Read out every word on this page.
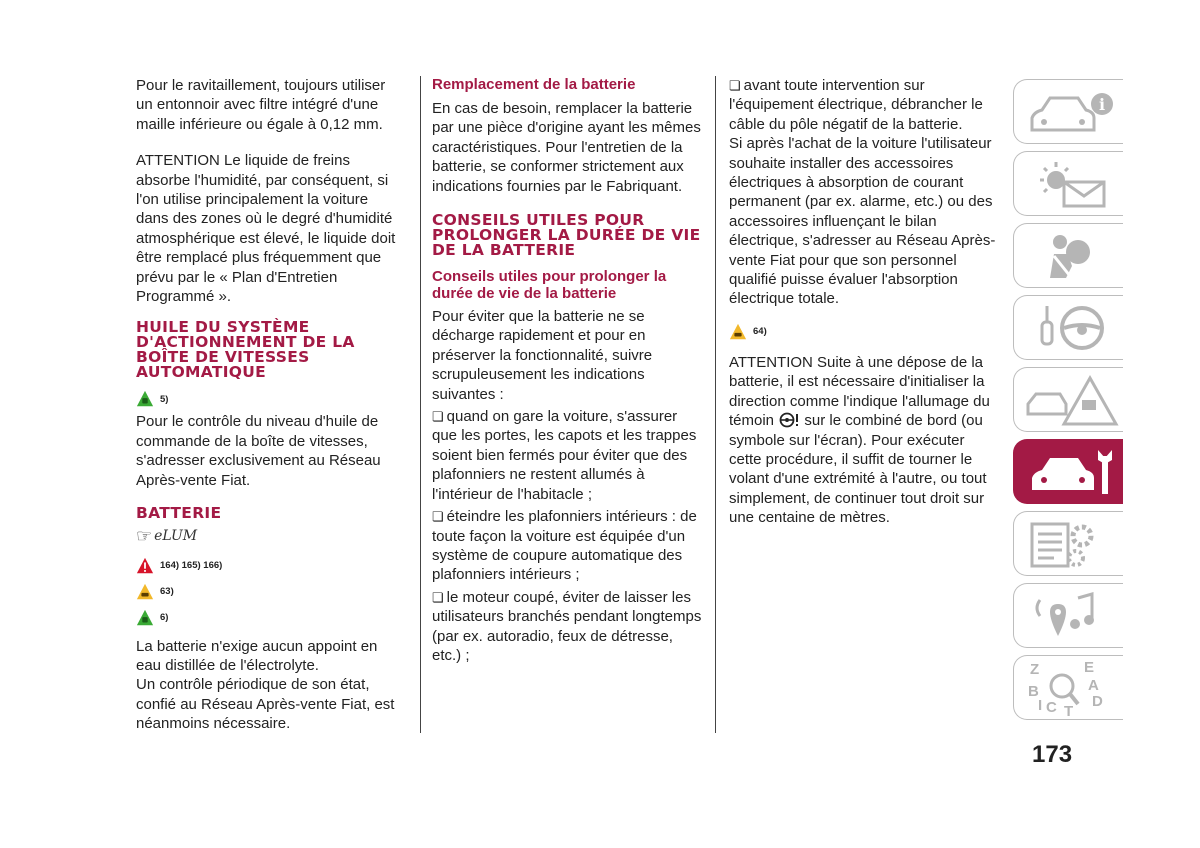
Pour le ravitaillement, toujours utiliser un entonnoir avec filtre intégré d'une maille inférieure ou égale à 0,12 mm.

ATTENTION Le liquide de freins absorbe l'humidité, par conséquent, si l'on utilise principalement la voiture dans des zones où le degré d'humidité atmosphérique est élevé, le liquide doit être remplacé plus fréquemment que prévu par le « Plan d'Entretien Programmé ».

HUILE DU SYSTÈME D'ACTIONNEMENT DE LA BOÎTE DE VITESSES AUTOMATIQUE
5)

Pour le contrôle du niveau d'huile de commande de la boîte de vitesses, s'adresser exclusivement au Réseau Après-vente Fiat.

BATTERIE
☞ eLUM
164) 165) 166)
63)
6)

La batterie n'exige aucun appoint en eau distillée de l'électrolyte.

Un contrôle périodique de son état, confié au Réseau Après-vente Fiat, est néanmoins nécessaire.

Remplacement de la batterie

En cas de besoin, remplacer la batterie par une pièce d'origine ayant les mêmes caractéristiques. Pour l'entretien de la batterie, se conformer strictement aux indications fournies par le Fabriquant.

CONSEILS UTILES POUR PROLONGER LA DURÉE DE VIE DE LA BATTERIE
Conseils utiles pour prolonger la durée de vie de la batterie

Pour éviter que la batterie ne se décharge rapidement et pour en préserver la fonctionnalité, suivre scrupuleusement les indications suivantes :

❏ quand on gare la voiture, s'assurer que les portes, les capots et les trappes soient bien fermés pour éviter que des plafonniers ne restent allumés à l'intérieur de l'habitacle ;

❏ éteindre les plafonniers intérieurs : de toute façon la voiture est équipée d'un système de coupure automatique des plafonniers intérieurs ;

❏ le moteur coupé, éviter de laisser les utilisateurs branchés pendant longtemps (par ex. autoradio, feux de détresse, etc.) ;

❏ avant toute intervention sur l'équipement électrique, débrancher le câble du pôle négatif de la batterie.

Si après l'achat de la voiture l'utilisateur souhaite installer des accessoires électriques à absorption de courant permanent (par ex. alarme, etc.) ou des accessoires influençant le bilan électrique, s'adresser au Réseau Après-vente Fiat pour que son personnel qualifié puisse évaluer l'absorption électrique totale.

64)

ATTENTION Suite à une dépose de la batterie, il est nécessaire d'initialiser la direction comme l'indique l'allumage du témoin sur le combiné de bord (ou symbole sur l'écran). Pour exécuter cette procédure, il suffit de tourner le volant d'une extrémité à l'autre, ou tout simplement, de continuer tout droit sur une centaine de mètres.

i
Z	E
B	A
C D
I T
173
